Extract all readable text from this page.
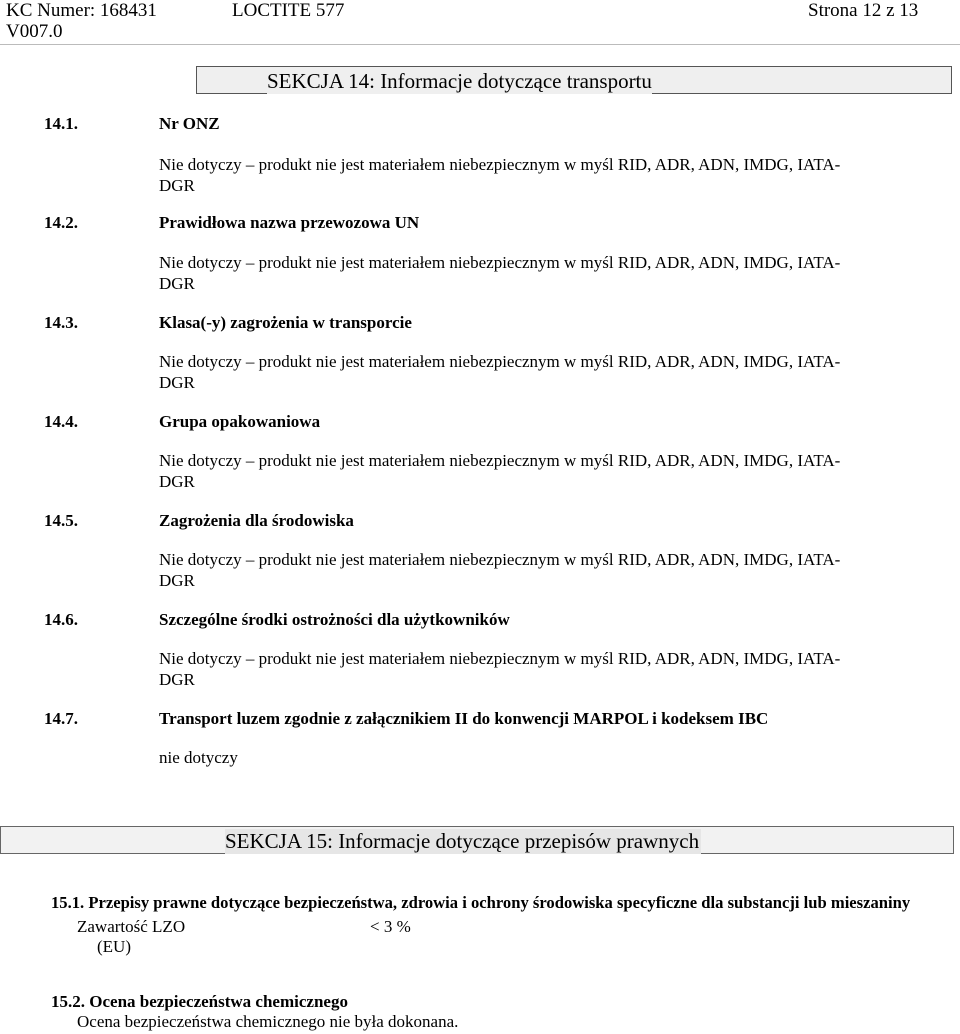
KC Numer: 168431	LOCTITE 577	Strona 12 z 13
V007.0
SEKCJA 14: Informacje dotyczące transportu
14.1.	Nr ONZ
Nie dotyczy – produkt nie jest materiałem niebezpiecznym w myśl RID, ADR, ADN, IMDG, IATA-
DGR
14.2.	Prawidłowa nazwa przewozowa UN
Nie dotyczy – produkt nie jest materiałem niebezpiecznym w myśl RID, ADR, ADN, IMDG, IATA-
DGR
14.3.	Klasa(-y) zagrożenia w transporcie
Nie dotyczy – produkt nie jest materiałem niebezpiecznym w myśl RID, ADR, ADN, IMDG, IATA-
DGR
14.4.	Grupa opakowaniowa
Nie dotyczy – produkt nie jest materiałem niebezpiecznym w myśl RID, ADR, ADN, IMDG, IATA-
DGR
14.5.	Zagrożenia dla środowiska
Nie dotyczy – produkt nie jest materiałem niebezpiecznym w myśl RID, ADR, ADN, IMDG, IATA-
DGR
14.6.	Szczególne środki ostrożności dla użytkowników
Nie dotyczy – produkt nie jest materiałem niebezpiecznym w myśl RID, ADR, ADN, IMDG, IATA-
DGR
14.7.	Transport luzem zgodnie z załącznikiem II do konwencji MARPOL i kodeksem IBC
nie dotyczy
SEKCJA 15: Informacje dotyczące przepisów prawnych
15.1. Przepisy prawne dotyczące bezpieczeństwa, zdrowia i ochrony środowiska specyficzne dla substancji lub mieszaniny
Zawartość LZO
(EU)
< 3 %
15.2. Ocena bezpieczeństwa chemicznego
Ocena bezpieczeństwa chemicznego nie była dokonana.
